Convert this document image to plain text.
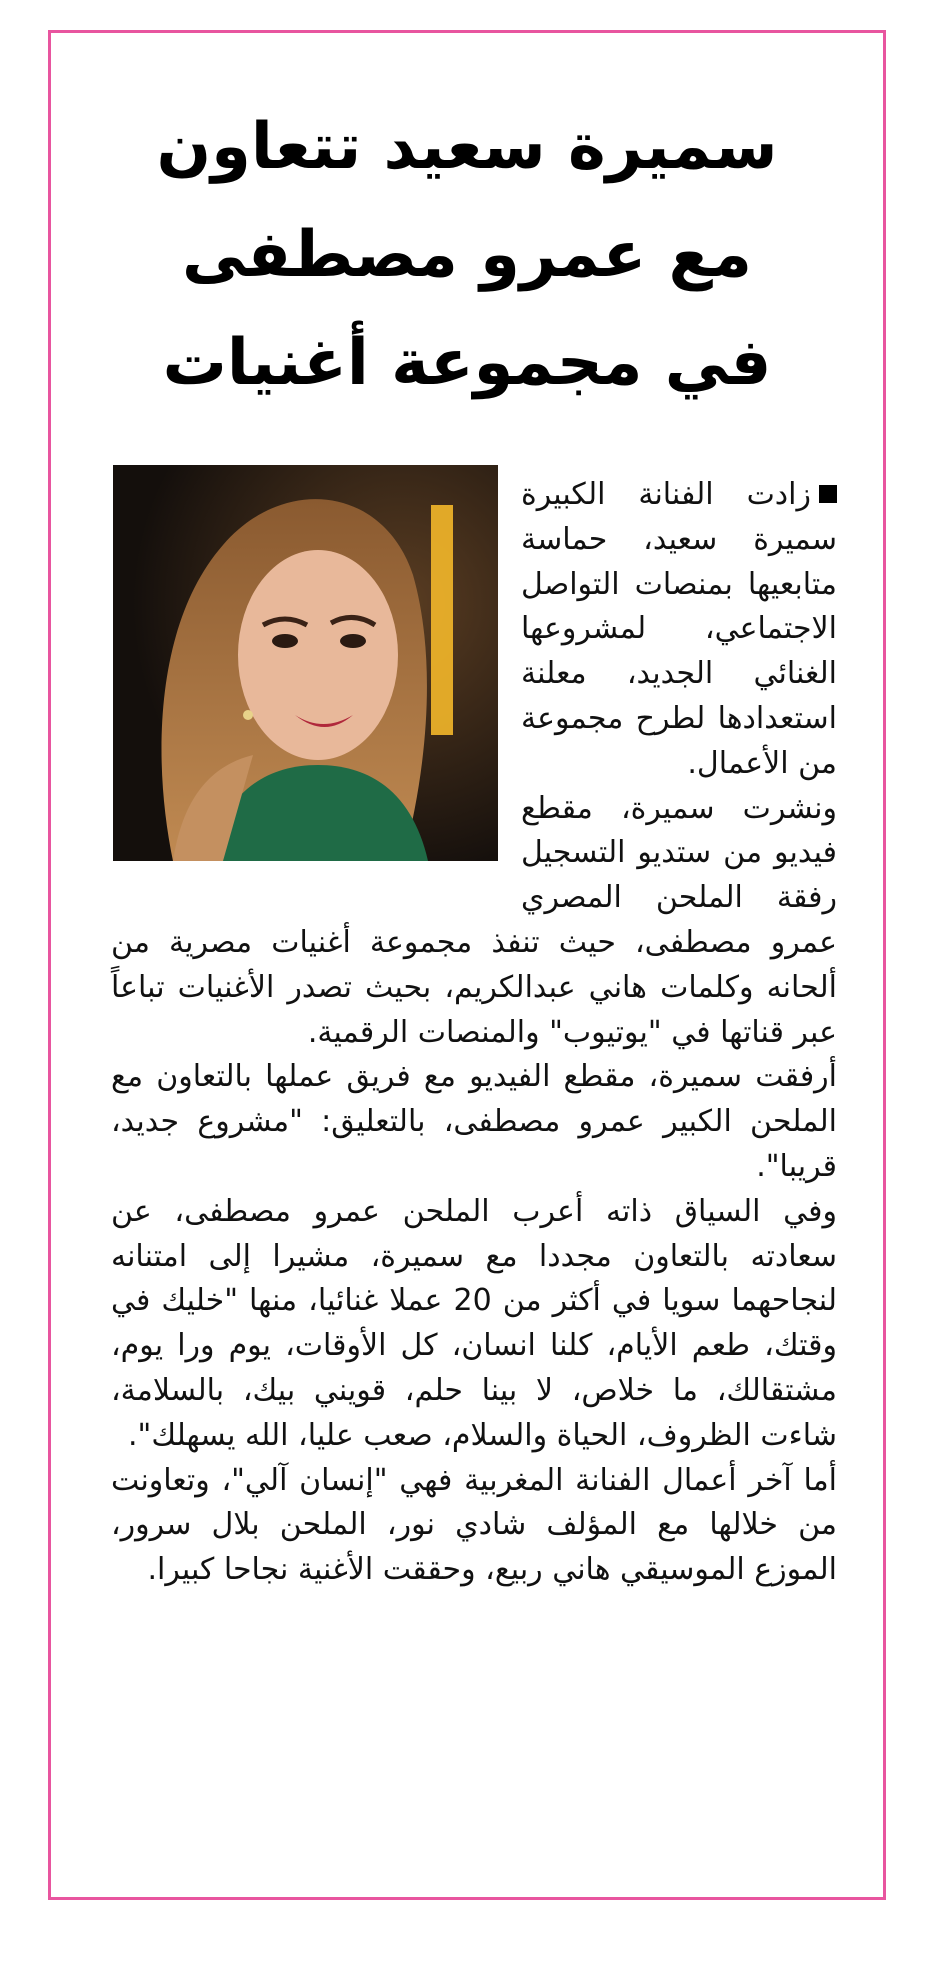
سميرة سعيد تتعاون
مع عمرو مصطفى
في مجموعة أغنيات

زادت الفنانة الكبيرة سميرة سعيد، حماسة متابعيها بمنصات التواصل الاجتماعي، لمشروعها الغنائي الجديد، معلنة استعدادها لطرح مجموعة من الأعمال.

ونشرت سميرة، مقطع فيديو من ستديو التسجيل رفقة الملحن المصري عمرو مصطفى، حيث تنفذ مجموعة أغنيات مصرية من ألحانه وكلمات هاني عبدالكريم، بحيث تصدر الأغنيات تباعاً عبر قناتها في "يوتيوب" والمنصات الرقمية.

أرفقت سميرة، مقطع الفيديو مع فريق عملها بالتعاون مع الملحن الكبير عمرو مصطفى، بالتعليق: "مشروع جديد، قريبا".

وفي السياق ذاته أعرب الملحن عمرو مصطفى، عن سعادته بالتعاون مجددا مع سميرة، مشيرا إلى امتنانه لنجاحهما سويا في أكثر من 20 عملا غنائيا، منها "خليك في وقتك، طعم الأيام، كلنا انسان، كل الأوقات، يوم ورا يوم، مشتقالك، ما خلاص، لا بينا حلم، قويني بيك، بالسلامة، شاءت الظروف، الحياة والسلام، صعب عليا، الله يسهلك".

أما آخر أعمال الفنانة المغربية فهي "إنسان آلي"، وتعاونت من خلالها مع المؤلف شادي نور، الملحن بلال سرور، الموزع الموسيقي هاني ربيع، وحققت الأغنية نجاحا كبيرا.
